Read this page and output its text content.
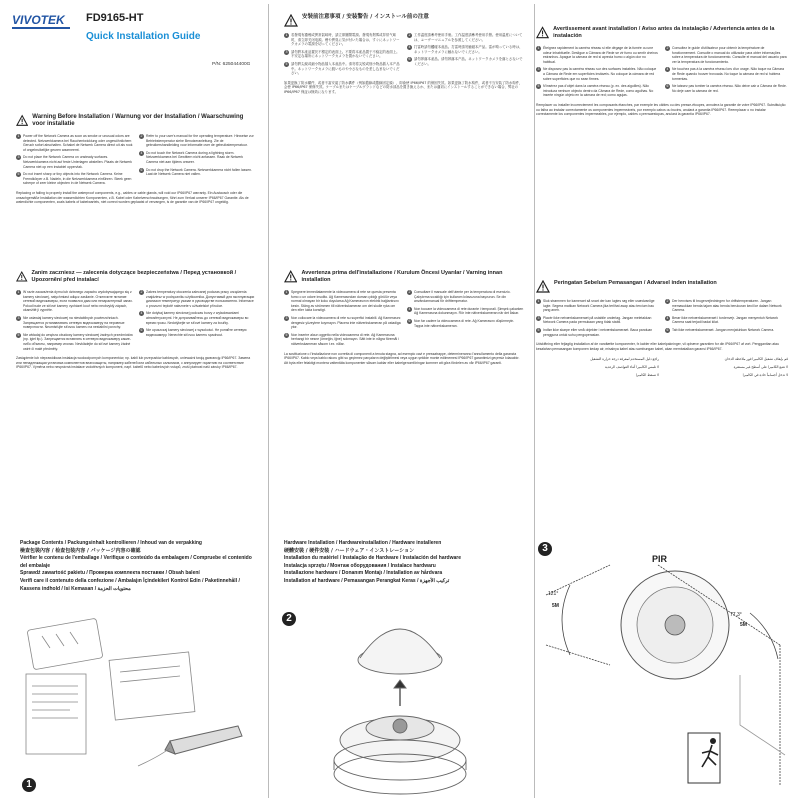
VIVOTEK FD9165-HT
Quick Installation Guide
P/N: 625044400G
Warning Before Installation / Warnung vor der Installation / Waarschuwing voor installatie
1	Power off the Network Camera as soon as smoke or unusual odors are detected. Netzwerkkamera bei Rauchentwicklung oder ungewöhnlichem Geruch sofort abschalten. Schakel de Netwerk Camera direct uit als rook of ongebruikelijke geuren waarneemt.
3	Do not place the Network Camera on unsteady surfaces. Netzwerkkamera nicht auf feste Unterlagen abstellen. Plaats de Netwerk Camera niet op een instabiel oppervlak.
5	Do not insert sharp or tiny objects into the Network Camera. Keine Fremdkörper z.B. Nadeln, in die Netzwerkkamera einführen. Steek geen scherpe of zeer kleine objecten in de Netwerk Camera.
2	Refer to your user's manual for the operating temperature. Hinweise zur Betriebstemperatur siehe Benutzeranleitung. Zie de gebruikershandleiding voor informatie over de gebruikstemperatuur.
4	Do not touch the Network Camera during a lightning storm. Netzwerkkamera bei Gewittern nicht anfassen. Raak de Netwerk Camera niet aan tijdens onweer.
6	Do not drop the Network Camera. Netzwerkkamera nicht fallen lassen. Laat de Netwerk Camera niet vallen.
Replacing or failing to properly install the waterproof components, e.g., cables or cable glands, will void our IP66/IP67 warranty. Ein Austausch oder die unsachgemäße Installation der wasserdichten Komponenten, z.B. Kabel oder Kabelverschraubungen, führt zum Verlust unserer IP66/IP67 Garantie. Als de waterdichte componenten, zoals kabels of kabelwartels, niet correct worden geplaatst of vervangen, is de garantie van de IP66/IP67 ongeldig.
安裝前注意事項 / 安装警告 / インストール前の注意
1 若發現有濃煙或異常氣味時，請立即關閉電源。發現有烟雾或异常气味时，请立即关闭电源。煙や異臭に気が付いた場合は、すぐにネットワークカメラの電源を切ってください。
3 請勿將本產品置於不穩定的表面上。不要将本產品置于不稳定的表面上。不安定な場所にネットワークカメラを置かないでください。
5 請勿將尖銳或細小物品插入本產品中。请勿将尖锐或细小物品插入本产品中。ネットワークカメラに鋭いものや小さなものを差し込まないでください。
2 工作温度請參考使用手冊。工作温度請參考使用手册。使用温度については、ユーザーマニュアルを参照してください。
4 打雷時請勿觸碰本產品。打雷時請勿触碰本产品。雷が鳴っている時は、ネットワークカメラに触れないでください。
6 請勿摔落本產品。请勿摔落本产品。ネットワークカメラを落とさないでください。
如果更換了防水構件，或者不當安裝了防水構件（例如纜線或纜線固定頭），即會使 IP66/IP67 的保固失效。如果更换了防水构件，或者不当安装了防水构件，会使 IP66/IP67 保修失效。ケーブルまたはケーブルグランドなどの防水部品を置き換えるか、または適切にインストールすることができない場合、弊社の IP66/IP67 保証は無効になります。
Avertissement avant installation / Aviso antes da instalação / Advertencia antes de la instalación
1	Éteignez rapidement la caméra réseau si elle dégage de la fumée ou une odeur inhabituelle. Desligue a Câmara de Rede se vir fumo ou sentir cheiros estranhos. Apague la cámara de red si aprecia humo o algún olor no habitual.
3	Ne disposez pas la caméra réseau sur des surfaces instables. Não coloque a Câmara de Rede em superfícies instáveis. No coloque la cámara de red sobre superficies que no sean firmes.
5	N'insérez pas d'objet dans la caméra réseau (p. ex. des aiguilles). Não introduza nenhum objecto dentro da Câmara de Rede, como agulhas. No inserte ningún objeto en la cámara de red; como agujas.
2	Consultez le guide d'utilisateur pour obtenir la température de fonctionnement. Consulte o manual do utilizador para obter informações sobre a temperatura de funcionamento. Consulte el manual del usuario para ver la temperatura de funcionamiento.
4	Ne touchez pas à la caméra réseau lors d'un orage. Não toque na Câmara de Rede quando houver trovoada. No toque la cámara de red si hubiera tormentas.
6	Ne laissez pas tomber la caméra réseau. Não deixe cair a Câmara de Rede. No deje caer la cámara de red.
Remplacer ou installer incorrectement les composants étanches, par exemple les câbles ou des presse-étoupes, annulera la garantie de votre IP66/IP67. Substituição ou falha ao instalar correctamente os componentes impermeáveis, por exemplo cabos ou bucins, anulará a garantia IP66/IP67. Reemplazar o no instalar correctamente los componentes impermeables, por ejemplo, cables o prensaestopas, anulará la garantía IP66/IP67.
Zanim zaczniesz — zalecenia dotyczące bezpieczeństwa / Перед установкой / Upozornění před instalací
1	W razie zauważenia dymu lub dziwnego zapachu wydobywającego się z kamery sieciowej, natychmiast odłącz zasilanie. Отключите питание сетевой видеокамеры, если появился дым или нехарактерный запах. Pokud bude ze síťové kamery vycházet kouř nebo neobvyklý zápach, okamžitě ji vypněte.
3	Nie ustawiaj kamery sieciowej na niestabilnych powierzchniach. Запрещается устанавливать сетевую видеокамеру на неровные поверхности. Neumisťujte síťovou kameru na nestabilní povrchy.
5	Nie wkładaj do wnętrza obudowy kamery sieciowej żadnych przedmiotów (np. igieł itp.). Запрещается вставлять в сетевую видеокамеру какие-либо объекты, например иголки. Nevkládejte do síťové kamery žádné ostré či malé předměty.
2	Zakres temperatury otoczenia zalecanej podczas pracy urządzenia znajdziesz w podręczniku użytkownika. Допустимый для эксплуатации диапазон температур указан в руководстве пользователя. Informace o provozní teplotě naleznete v uživatelské příručce.
4	Nie dotykaj kamery sieciowej podczas burzy z wyładowaniami atmosferycznymi. Не дотрагивайтесь до сетевой видеокамеры во время грозы. Nedotýkejte se síťové kamery za bouřky.
6	Nie upuszczaj kamery sieciowej z wysokości. Не роняйте сетевую видеокамеру. Nenechte síťovou kameru spadnout.
Zastąpienie lub nieprawidłowa instalacja wodoodpornych komponentów, np. kabli lub przepustów kablowych, unieważni twoją gwarancję IP66/IP67. Замена или ненадлежащая установка компонентов влагозащиты, например кабелей или кабельных сальников, с аннулирует гарантию на соответствие IP66/IP67. Výměna nebo nesprávná instalace vodotěsných komponent, např. kabelů nebo kabelových vstupů, zruší platnost naší záruky IP66/IP67.
Avvertenza prima dell'installazione / Kurulum Öncesi Uyarılar / Varning innan installation
1	Spegnere immediatamente la videocamera di rete se questa presenta fumo o un odore insolito. Ağ Kamerasından duman çıktığı görülür veya normal olmayan bir koku duyularsa Ağ Kamerasının elektrik bağlantısını kesin. Stäng av strömmen till nätverkskameran om det skulle ryka om den eller lukta konstigt.
3	Non collocare la videocamera di rete su superfici instabili. Ağ Kamerasını dengesiz yüzeylere koymayın. Placera inte nätverkskameran på ostadiga ytor.
5	Non inserire alcun oggetto nella videocamera di rete. Ağ Kamerasına herhangi bir nesne (örneğin, iğne) sokmayın. Sätt inte in några föremål i nätverkskameran såsom t.ex. nålar.
2	Consultare il manuale dell'utente per la temperatura di esercizio. Çalıştırma sıcaklığı için kullanım kılavuzuna başvurun. Se din användarmanual för drifttemperatur.
4	Non toccare la videocamera di rete durante i temporali. Şimşek çakarken Ağ Kamerasına dokunmayın. Rör inte nätverkskameran när det åskar.
6	Non far cadere la videocamera di rete. Ağ Kamerasını düşürmeyin. Tappa inte nätverkskameran.
La sostituzione o l'installazione non corretta di componenti a tenuta stagna, ad esempio cavi e pressatrappe, determineranno l'annullamento della garanzia IP66/IP67. Kablo veya kablo rakoru gibi su geçirmez parçaların değiştirilmesi veya uygun şekilde monte edilmemesi IP66/IP67 garantimizi geçersiz kılacaktır. Att byta eller felaktigt montera vattentäta komponenter såsom kablar eller kabelgenomföringar kommer att göra fördelen av vår IP66/IP67 garanti.
Peringatan Sebelum Pemasangan / Advarsel inden installation
1	Sluk strømmen for kameraet så snart der kan lugtes røg eller usædvanlige lugte. Segera matikan Network Camera jika terlihat asap atau tercium bau yang aneh.
3	Placér ikke netværkskameraet på ustabile underlag. Jangan meletakkan Network Camera pada permukaan yang tidak stabil.
5	Indfør ikke skarpe eller små objekter i netværkskameraet. Baca panduan pengguna untuk suhu pengoperasian.
2	Der henvises til brugervejledningen for driftstemperaturen. Jangan memasukkan benda tajam atau benda berukuran kecil ke dalam Network Camera.
4	Berør ikke netværkskameraet i tordenvejr. Jangan menyentuh Network Camera saat terjadi badai kilat.
6	Tab ikke netværkskameraet. Jangan menjatuhkan Network Camera.
Udskiftning eller fejlagtig installation af de vandtætte komponenter, fx kabler eller kabelpakninger, vil ophæve garantien for din IP66/IP67 af vort. Penggantian atau kesalahan pemasangan komponen kedap air, misalnya kabel atau sambungan kabel, akan membatalkan garansi IP66/IP67.
قم بإيقاف تشغيل الكاميرا فور ملاحظة الدخان
لا تضع الكاميرا على أسطح غير مستقرة
لا تدخل أجساماً حادة في الكاميرا
راجع دليل المستخدم لمعرفة درجة حرارة التشغيل
لا تلمس الكاميرا أثناء العواصف الرعدية
لا تسقط الكاميرا
Package Contents / Packungsinhalt kontrollieren / Inhoud van de verpakking
檢查包裝內容 / 检查包装内容 / パッケージ内容の確認
Vérifier le contenu de l'emballage / Verifique o conteúdo da embalagem / Compruebe el contenido del embalaje
Sprawdź zawartość pakietu / Проверка комплекта поставки / Obsah balení
Verifi care il contenuto della confezione / Ambalajın İçindekileri Kontrol Edin / Paketinnehåll / Kassens indhold / Isi Kemasan / محتويات الحزمة
1
Hardware Installation / Hardwareinstallation / Hardware installeren
硬體安裝 / 硬件安装 / ハードウェア・インストレーション
Installation du matériel / Instalação de Hardware / Instalación del hardware
Instalacja sprzętu / Монтаж оборудования / Instalace hardwaru
Installazione hardware / Donanım Montajı / Installation av hårdvara
Installation af hardware / Pemasangan Perangkat Keras / تركيب الأجهزة
2
3
PIR
121°
5M
77.3°
5M
